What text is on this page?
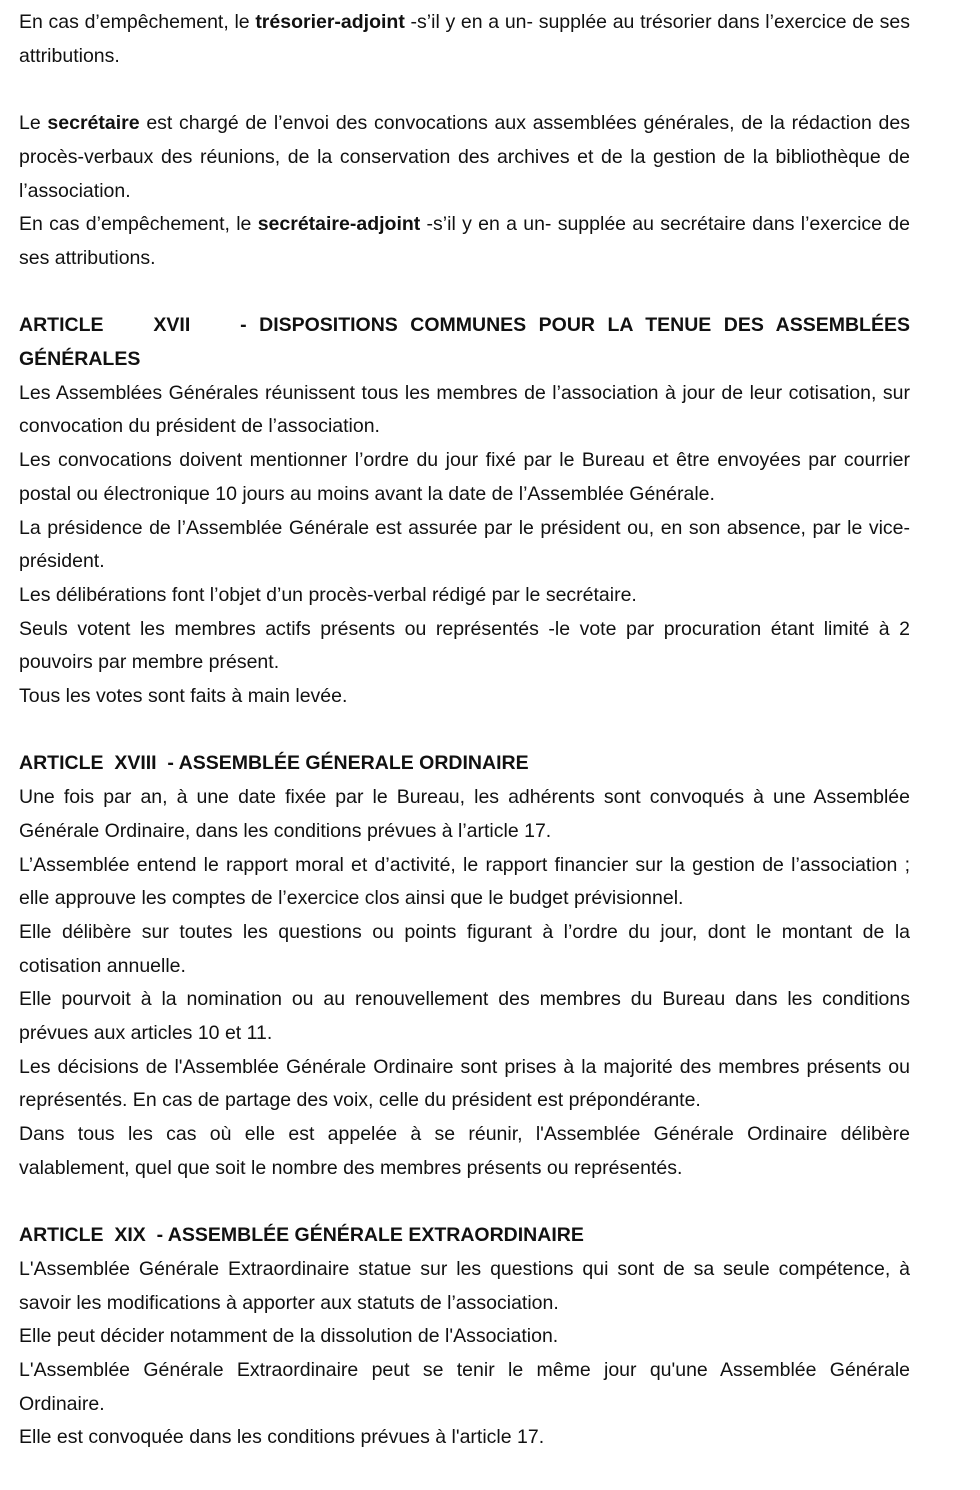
En cas d’empêchement, le trésorier-adjoint -s’il y en a un- supplée au trésorier dans l’exercice de ses attributions.

Le secrétaire est chargé de l’envoi des convocations aux assemblées générales, de la rédaction des procès-verbaux des réunions, de la conservation des archives et de la gestion de la bibliothèque de l’association.

En cas d’empêchement, le secrétaire-adjoint -s’il y en a un- supplée au secrétaire dans l’exercice de ses attributions.

ARTICLE    XVII    - DISPOSITIONS COMMUNES POUR LA TENUE DES ASSEMBLÉES GÉNÉRALES

Les Assemblées Générales réunissent tous les membres de l’association à jour de leur cotisation, sur convocation du président de l’association.

Les convocations doivent mentionner l’ordre du jour fixé par le Bureau et être envoyées par courrier postal ou électronique 10 jours au moins avant la date de l’Assemblée Générale.

La présidence de l’Assemblée Générale est assurée par le président ou, en son absence, par le vice-président.

Les délibérations font l’objet d’un procès-verbal rédigé par le secrétaire.

Seuls votent les membres actifs présents ou représentés -le vote par procuration étant limité à 2 pouvoirs par membre présent.

Tous les votes sont faits à main levée.

ARTICLE  XVIII  - ASSEMBLÉE GÉNERALE ORDINAIRE

Une fois par an, à une date fixée par le Bureau, les adhérents sont convoqués à une Assemblée Générale Ordinaire, dans les conditions prévues à l’article 17.

L’Assemblée entend le rapport moral et d’activité, le rapport financier sur la gestion de l’association ; elle approuve les comptes de l’exercice clos ainsi que le budget prévisionnel.

Elle délibère sur toutes les questions ou points figurant à l’ordre du jour, dont le montant de la cotisation annuelle.

Elle pourvoit à la nomination ou au renouvellement des membres du Bureau dans les conditions prévues aux articles 10 et 11.

Les décisions de l'Assemblée Générale Ordinaire sont prises à la majorité des membres présents ou représentés. En cas de partage des voix, celle du président est prépondérante.

Dans tous les cas où elle est appelée à se réunir, l'Assemblée Générale Ordinaire délibère valablement, quel que soit le nombre des membres présents ou représentés.

ARTICLE  XIX  - ASSEMBLÉE GÉNÉRALE EXTRAORDINAIRE

L'Assemblée Générale Extraordinaire statue sur les questions qui sont de sa seule compétence, à savoir les modifications à apporter aux statuts de l’association.

Elle peut décider notamment de la dissolution de l'Association.

L'Assemblée Générale Extraordinaire peut se tenir le même jour qu'une Assemblée Générale Ordinaire.

Elle est convoquée dans les conditions prévues à l'article 17.
